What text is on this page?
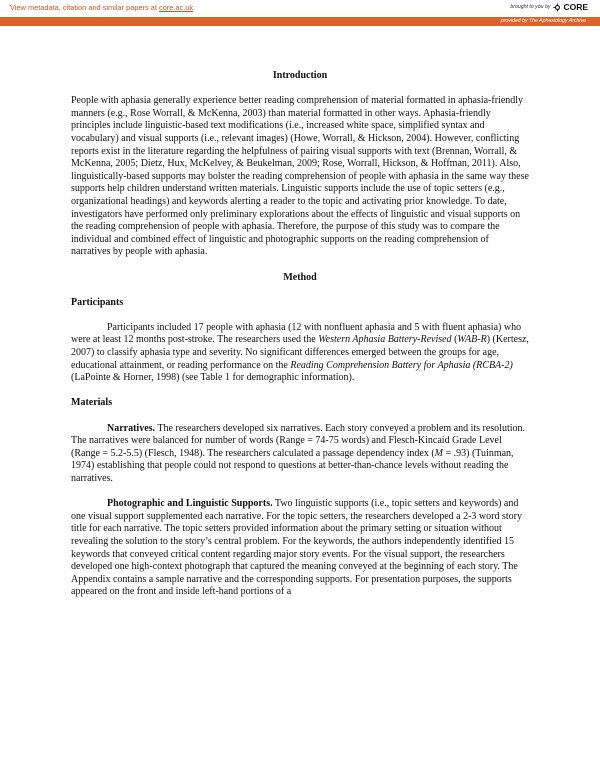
View metadata, citation and similar papers at core.ac.uk	brought to you by CORE
provided by The Aphasiology Archive

Introduction

People with aphasia generally experience better reading comprehension of material formatted in aphasia-friendly manners (e.g., Rose Worrall, & McKenna, 2003) than material formatted in other ways. Aphasia-friendly principles include linguistic-based text modifications (i.e., increased white space, simplified syntax and vocabulary) and visual supports (i.e., relevant images) (Howe, Worrall, & Hickson, 2004). However, conflicting reports exist in the literature regarding the helpfulness of pairing visual supports with text (Brennan, Worrall, & McKenna, 2005; Dietz, Hux, McKelvey, & Beukelman, 2009; Rose, Worrall, Hickson, & Hoffman, 2011). Also, linguistically-based supports may bolster the reading comprehension of people with aphasia in the same way these supports help children understand written materials. Linguistic supports include the use of topic setters (e.g., organizational headings) and keywords alerting a reader to the topic and activating prior knowledge. To date, investigators have performed only preliminary explorations about the effects of linguistic and visual supports on the reading comprehension of people with aphasia. Therefore, the purpose of this study was to compare the individual and combined effect of linguistic and photographic supports on the reading comprehension of narratives by people with aphasia.

Method

Participants

Participants included 17 people with aphasia (12 with nonfluent aphasia and 5 with fluent aphasia) who were at least 12 months post-stroke. The researchers used the Western Aphasia Battery-Revised (WAB-R) (Kertesz, 2007) to classify aphasia type and severity. No significant differences emerged between the groups for age, educational attainment, or reading performance on the Reading Comprehension Battery for Aphasia (RCBA-2) (LaPointe & Horner, 1998) (see Table 1 for demographic information).

Materials

Narratives. The researchers developed six narratives. Each story conveyed a problem and its resolution. The narratives were balanced for number of words (Range = 74-75 words) and Flesch-Kincaid Grade Level (Range = 5.2-5.5) (Flesch, 1948). The researchers calculated a passage dependency index (M = .93) (Tuinman, 1974) establishing that people could not respond to questions at better-than-chance levels without reading the narratives.

Photographic and Linguistic Supports. Two linguistic supports (i.e., topic setters and keywords) and one visual support supplemented each narrative. For the topic setters, the researchers developed a 2-3 word story title for each narrative. The topic setters provided information about the primary setting or situation without revealing the solution to the story’s central problem. For the keywords, the authors independently identified 15 keywords that conveyed critical content regarding major story events. For the visual support, the researchers developed one high-context photograph that captured the meaning conveyed at the beginning of each story. The Appendix contains a sample narrative and the corresponding supports. For presentation purposes, the supports appeared on the front and inside left-hand portions of a
